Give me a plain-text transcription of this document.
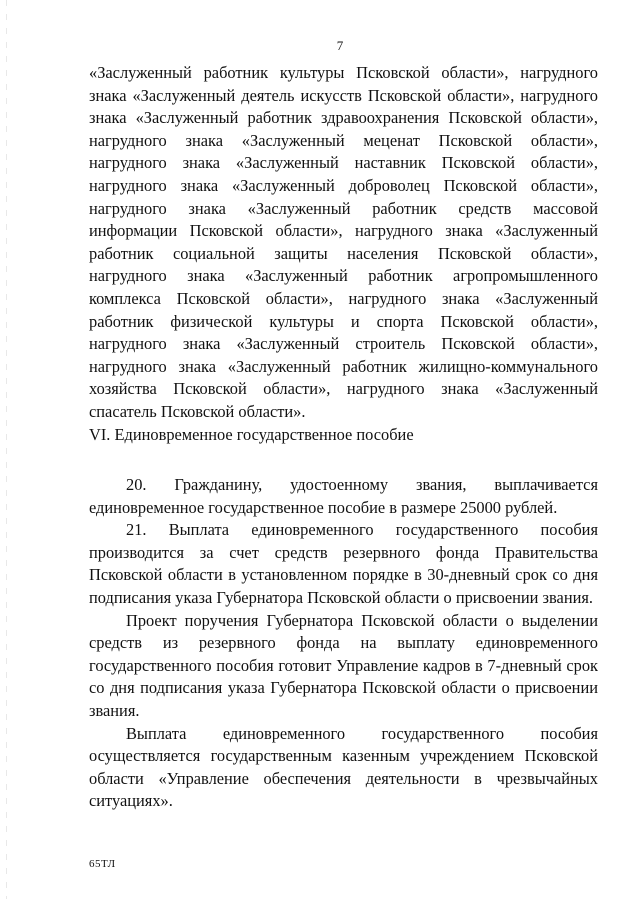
7

«Заслуженный работник культуры Псковской области», нагрудного знака «Заслуженный деятель искусств Псковской области», нагрудного знака «Заслуженный работник здравоохранения Псковской области», нагрудного знака «Заслуженный меценат Псковской области», нагрудного знака «Заслуженный наставник Псковской области», нагрудного знака «Заслуженный доброволец Псковской области», нагрудного знака «Заслуженный работник средств массовой информации Псковской области», нагрудного знака «Заслуженный работник социальной защиты населения Псковской области», нагрудного знака «Заслуженный работник агропромышленного комплекса Псковской области», нагрудного знака «Заслуженный работник физической культуры и спорта Псковской области», нагрудного знака «Заслуженный строитель Псковской области», нагрудного знака «Заслуженный работник жилищно-коммунального хозяйства Псковской области», нагрудного знака «Заслуженный спасатель Псковской области».

VI. Единовременное государственное пособие

20. Гражданину, удостоенному звания, выплачивается единовременное государственное пособие в размере 25000 рублей.

21. Выплата единовременного государственного пособия производится за счет средств резервного фонда Правительства Псковской области в установленном порядке в 30-дневный срок со дня подписания указа Губернатора Псковской области о присвоении звания.

Проект поручения Губернатора Псковской области о выделении средств из резервного фонда на выплату единовременного государственного пособия готовит Управление кадров в 7-дневный срок со дня подписания указа Губернатора Псковской области о присвоении звания.

Выплата единовременного государственного пособия осуществляется государственным казенным учреждением Псковской области «Управление обеспечения деятельности в чрезвычайных ситуациях».

65ТЛ
